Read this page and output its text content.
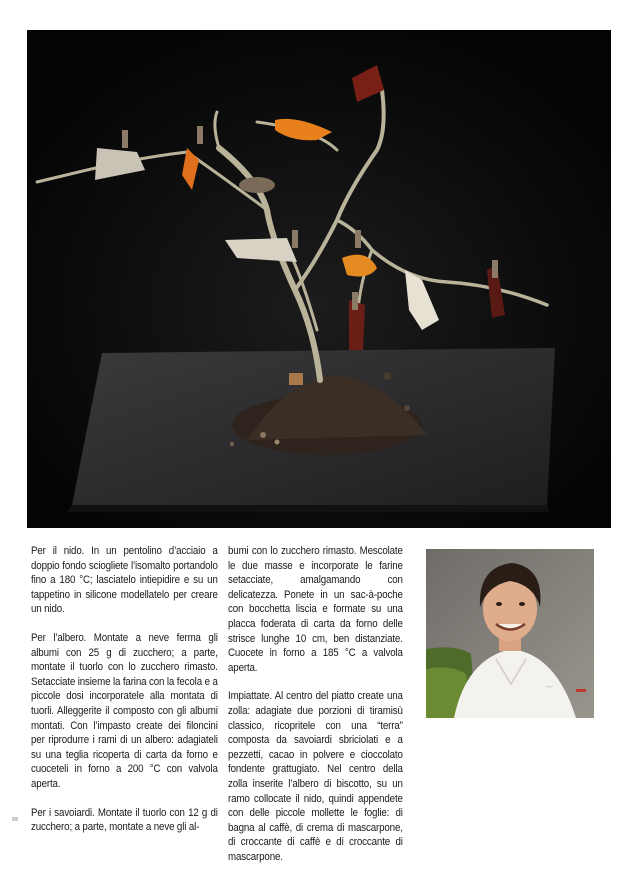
Per il nido. In un pentolino d’acciaio a doppio fondo sciogliete l’isomalto portandolo fino a 180 °C; lasciatelo intiepidire e su un tappetino in silicone modellatelo per creare un nido.

Per l’albero. Montate a neve ferma gli albumi con 25 g di zucchero; a parte, montate il tuorlo con lo zucchero rimasto. Setacciate insieme la farina con la fecola e a piccole dosi incorporatele alla montata di tuorli. Alleggerite il composto con gli albumi montati. Con l’impasto create dei filoncini per riprodurre i rami di un albero: adagiateli su una teglia ricoperta di carta da forno e cuoceteli in forno a 200 °C con valvola aperta.

Per i savoiardi. Montate il tuorlo con 12 g di zucchero; a parte, montate a neve gli al-

bumi con lo zucchero rimasto. Mescolate le due masse e incorporate le farine setacciate, amalgamando con delicatezza. Ponete in un sac-à-poche con bocchetta liscia e formate su una placca foderata di carta da forno delle strisce lunghe 10 cm, ben distanziate. Cuocete in forno a 185 °C a valvola aperta.

Impiattate. Al centro del piatto create una zolla: adagiate due porzioni di tiramisù classico, ricopritele con una “terra” composta da savoiardi sbriciolati e a pezzetti, cacao in polvere e cioccolato fondente grattugiato. Nel centro della zolla inserite l’albero di biscotto, su un ramo collocate il nido, quindi appendete con delle piccole mollette le foglie: di bagna al caffè, di crema di mascarpone, di croccante di caffè e di croccante di mascarpone.

~~
